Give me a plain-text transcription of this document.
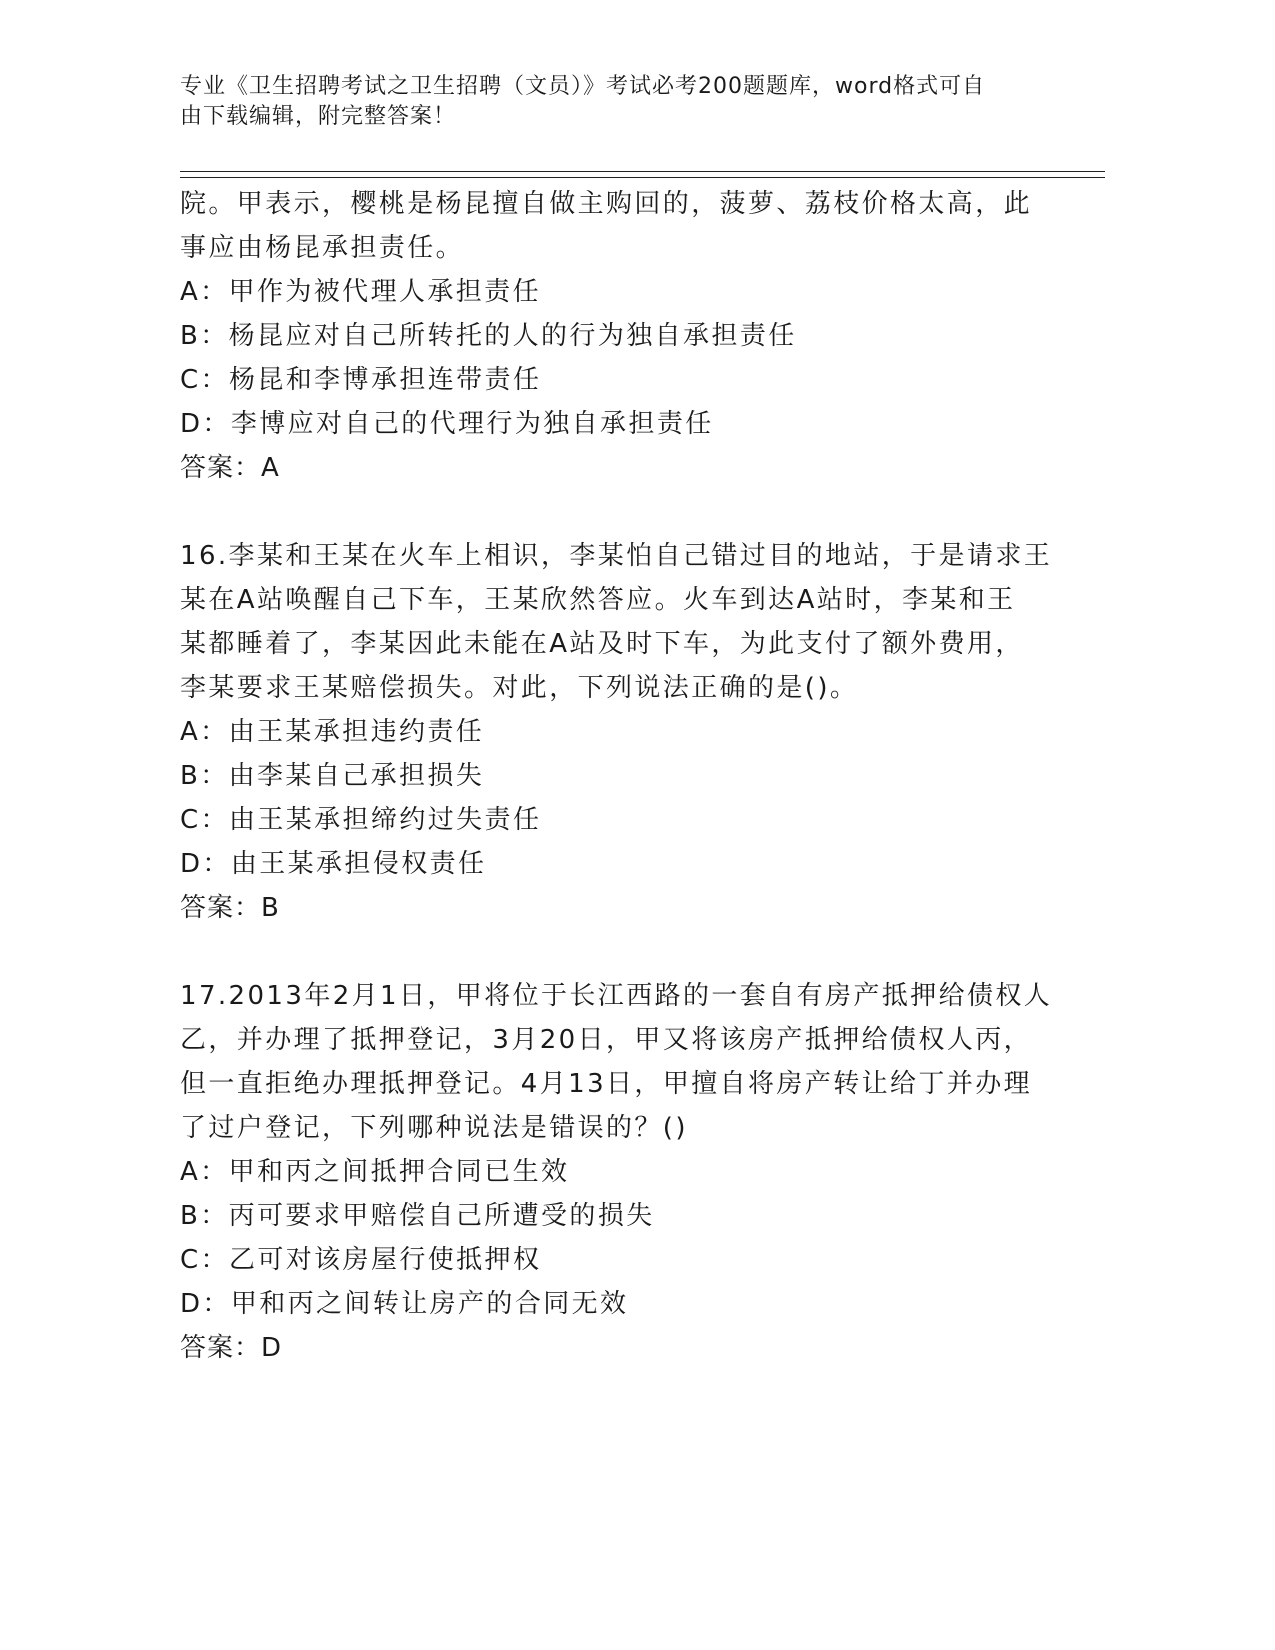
专业《卫生招聘考试之卫生招聘（文员）》考试必考200题题库，word格式可自
由下载编辑，附完整答案！
院。甲表示，樱桃是杨昆擅自做主购回的，菠萝、荔枝价格太高，此
事应由杨昆承担责任。
A：甲作为被代理人承担责任
B：杨昆应对自己所转托的人的行为独自承担责任
C：杨昆和李博承担连带责任
D：李博应对自己的代理行为独自承担责任
答案：A
16.李某和王某在火车上相识，李某怕自己错过目的地站，于是请求王
某在A站唤醒自己下车，王某欣然答应。火车到达A站时，李某和王
某都睡着了，李某因此未能在A站及时下车，为此支付了额外费用，
李某要求王某赔偿损失。对此，下列说法正确的是()。
A：由王某承担违约责任
B：由李某自己承担损失
C：由王某承担缔约过失责任
D：由王某承担侵权责任
答案：B
17.2013年2月1日，甲将位于长江西路的一套自有房产抵押给债权人
乙，并办理了抵押登记，3月20日，甲又将该房产抵押给债权人丙，
但一直拒绝办理抵押登记。4月13日，甲擅自将房产转让给丁并办理
了过户登记，下列哪种说法是错误的？()
A：甲和丙之间抵押合同已生效
B：丙可要求甲赔偿自己所遭受的损失
C：乙可对该房屋行使抵押权
D：甲和丙之间转让房产的合同无效
答案：D
